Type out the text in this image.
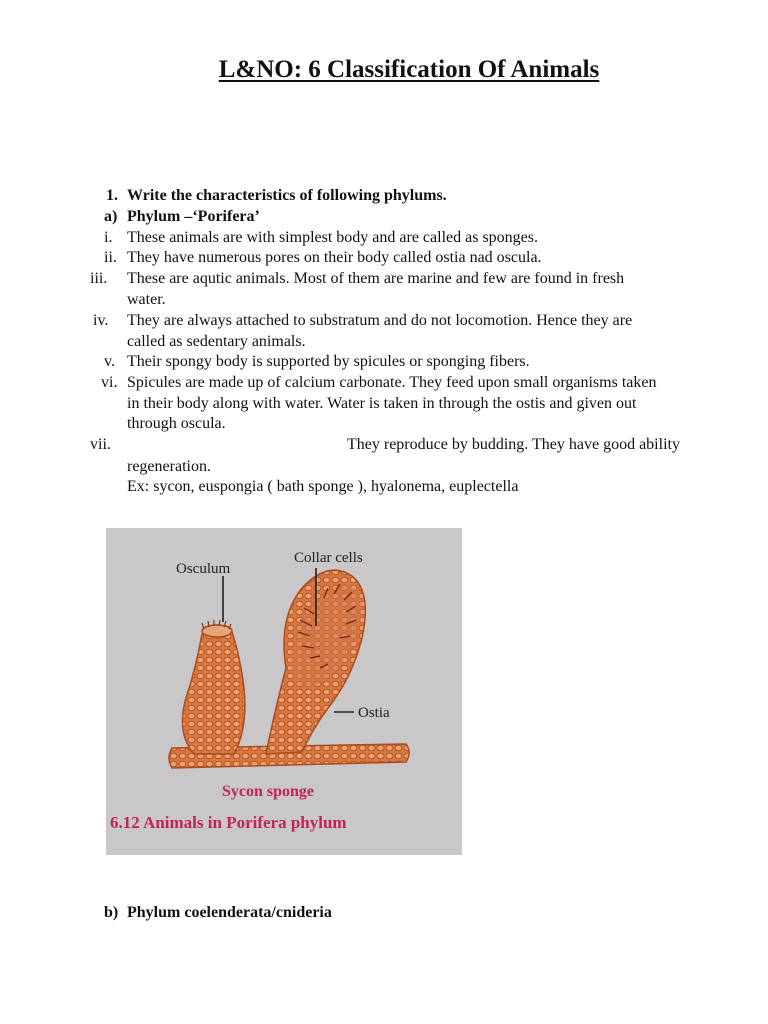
L&NO: 6 Classification Of Animals
1. Write the characteristics of following phylums.
a) Phylum –‘Porifera’
i. These animals are with simplest body and are called as sponges.
ii. They have numerous pores on their body called ostia nad oscula.
iii. These are aqutic animals. Most of them are marine and few are found in fresh
water.
iv. They are always attached to substratum and do not locomotion. Hence they are
called as sedentary animals.
v. Their spongy body is supported by spicules or sponging fibers.
vi. Spicules are made up of calcium carbonate. They feed upon small organisms taken
in their body along with water. Water is taken in through the ostis and given out
through oscula.
vii.	They reproduce by budding. They have good ability
regeneration.
Ex: sycon, euspongia ( bath sponge ), hyalonema, euplectella
Osculum
Collar cells
Ostia
Sycon sponge
6.12 Animals in Porifera phylum
b) Phylum coelenderata/cnideria
